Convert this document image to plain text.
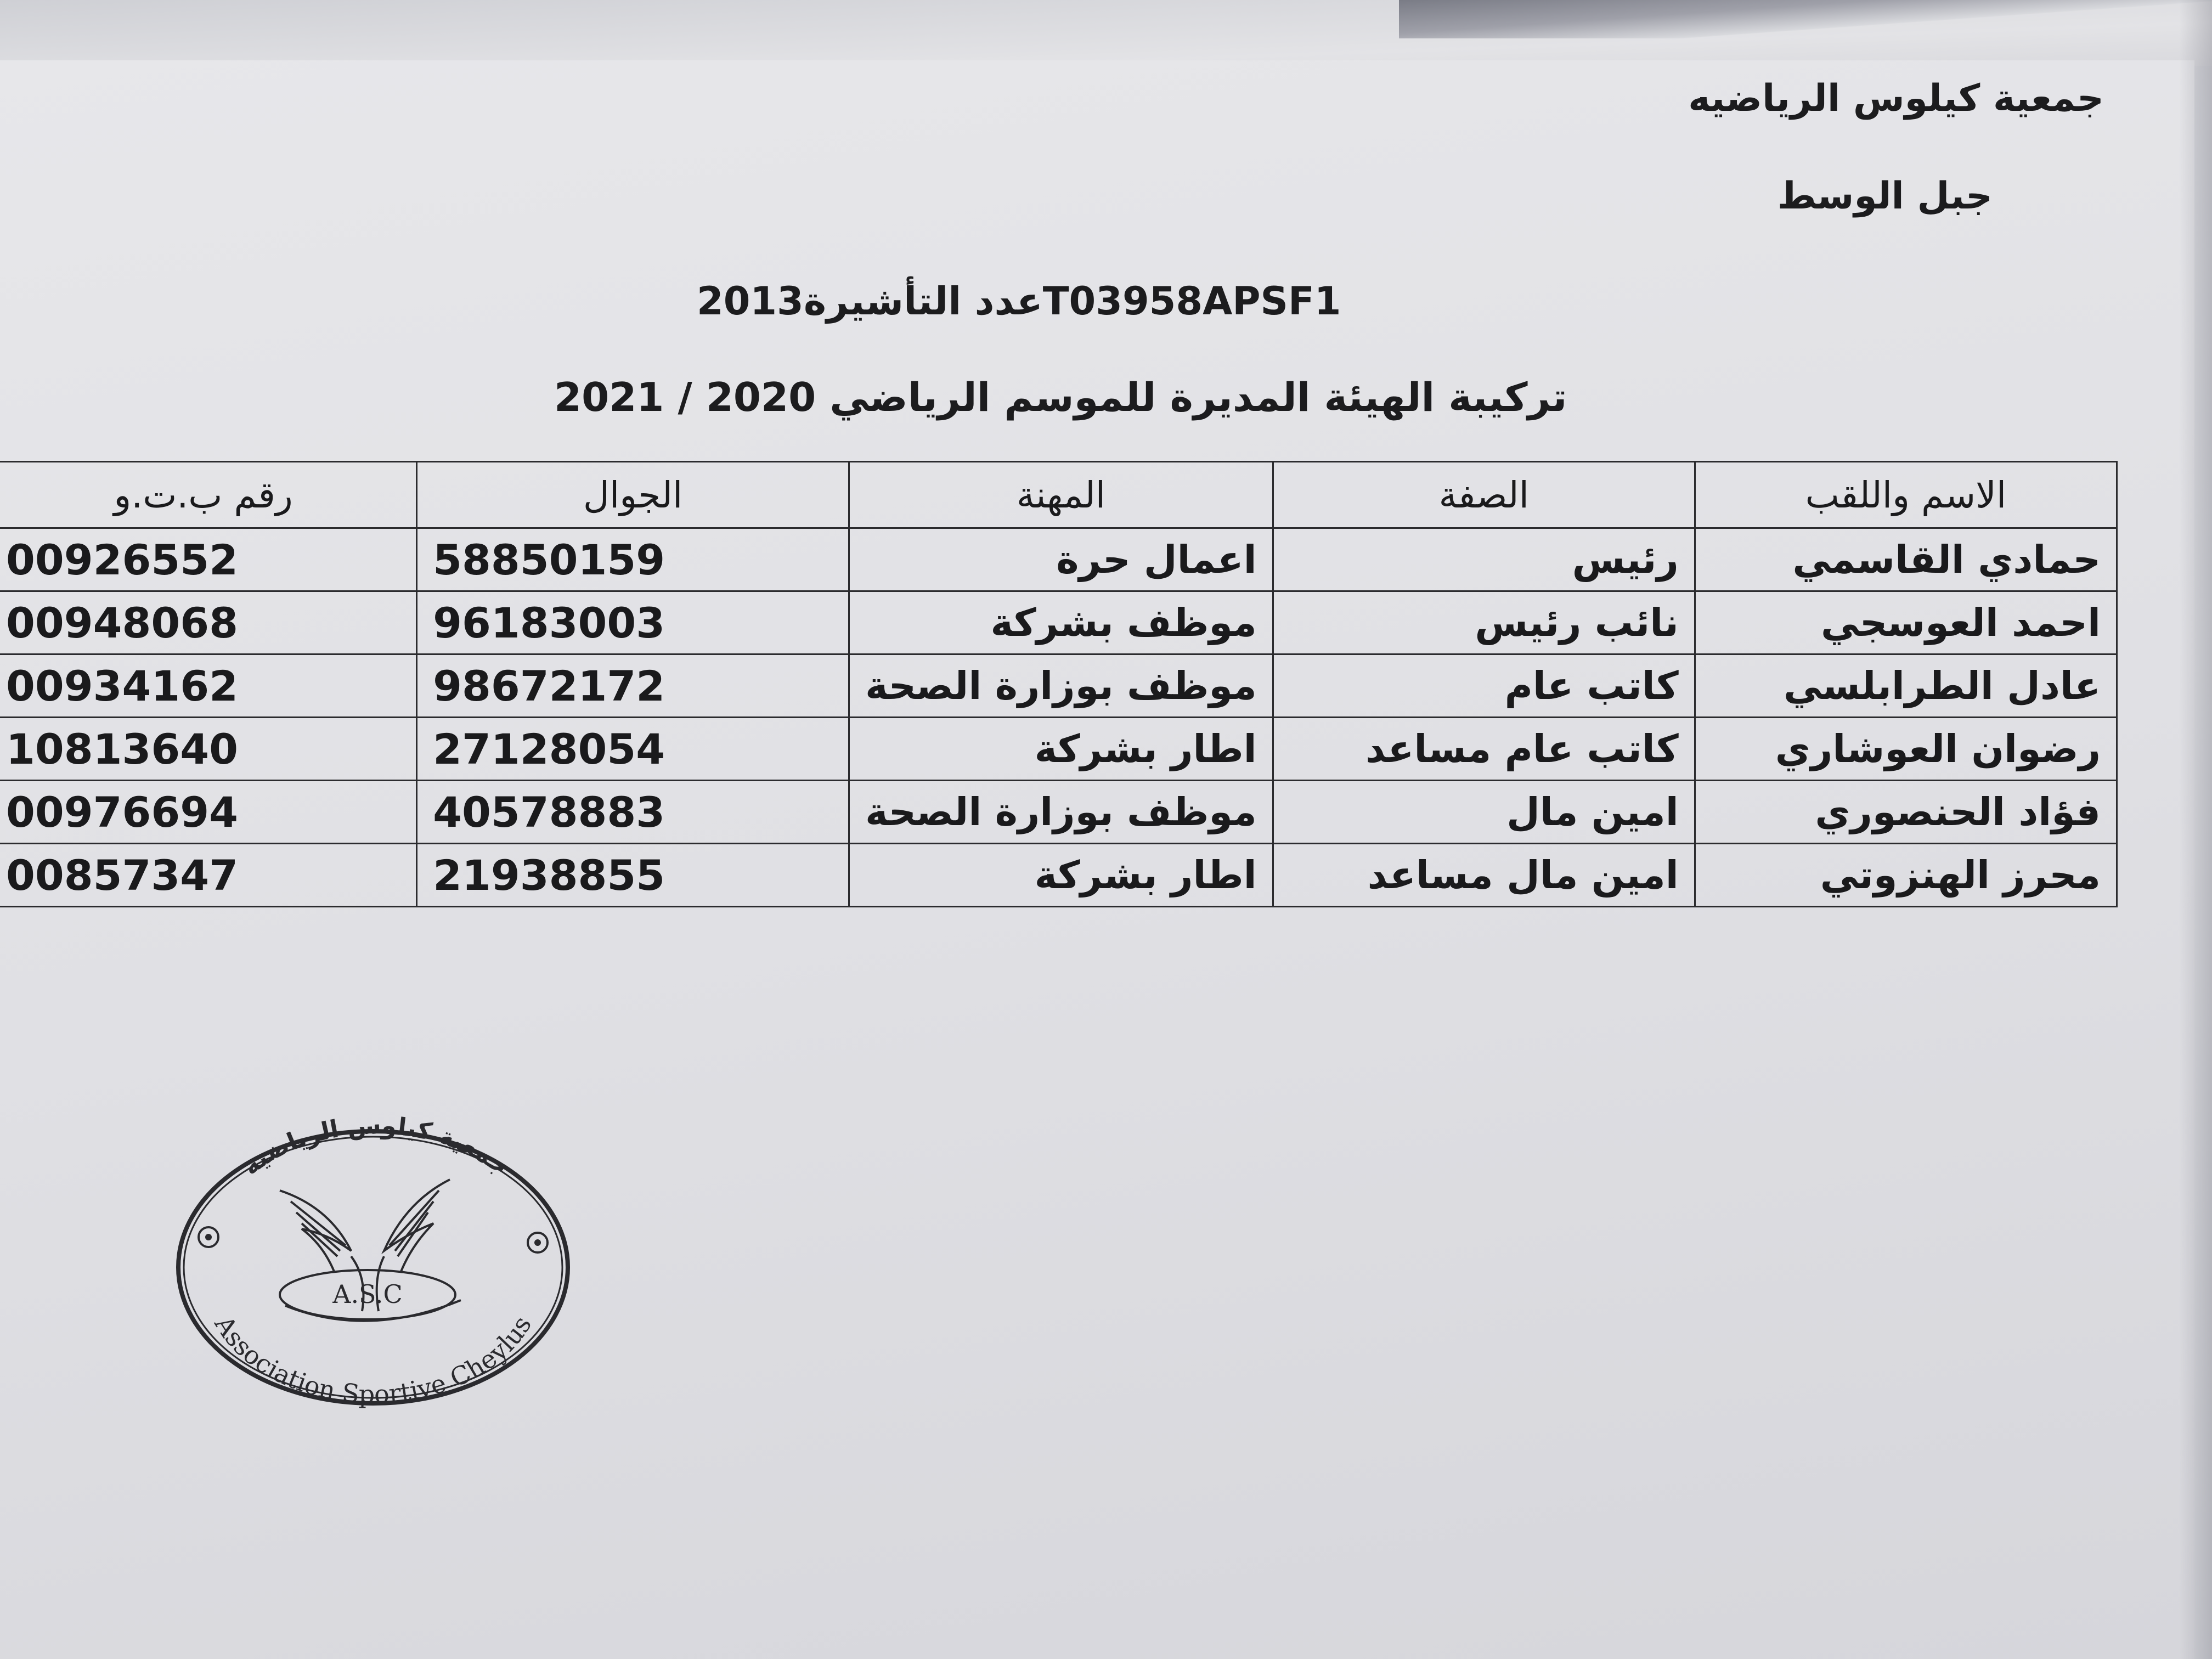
جمعية كيلوس الرياضيه
جبل الوسط
عدد التأشيرة2013T03958APSF1
تركيبة الهيئة المديرة للموسم الرياضي 2020 / 2021
الاسم واللقب	الصفة	المهنة	الجوال	رقم ب.ت.و
حمادي القاسمي	رئيس	اعمال حرة	58850159	00926552
احمد العوسجي	نائب رئيس	موظف بشركة	96183003	00948068
عادل الطرابلسي	كاتب عام	موظف بوزارة الصحة	98672172	00934162
رضوان العوشاري	كاتب عام مساعد	اطار بشركة	27128054	10813640
فؤاد الحنصوري	امين مال	موظف بوزارة الصحة	40578883	00976694
محرز الهنزوتي	امين مال مساعد	اطار بشركة	21938855	00857347
جمعية كيلوس الرياضية
Association Sportive Cheylus
A.S.C
